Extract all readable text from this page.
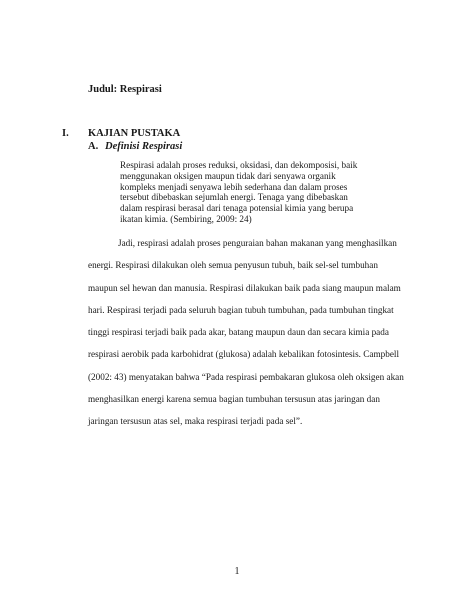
Judul: Respirasi
I. KAJIAN PUSTAKA
A. Definisi Respirasi
Respirasi adalah proses reduksi, oksidasi, dan dekomposisi, baik
menggunakan oksigen maupun tidak dari senyawa organik
kompleks menjadi senyawa lebih sederhana dan dalam proses
tersebut dibebaskan sejumlah energi. Tenaga yang dibebaskan
dalam respirasi berasal dari tenaga potensial kimia yang berupa
ikatan kimia. (Sembiring, 2009: 24)
Jadi, respirasi adalah proses penguraian bahan makanan yang menghasilkan
energi. Respirasi dilakukan oleh semua penyusun tubuh, baik sel-sel tumbuhan
maupun sel hewan dan manusia. Respirasi dilakukan baik pada siang maupun malam
hari. Respirasi terjadi pada seluruh bagian tubuh tumbuhan, pada tumbuhan tingkat
tinggi respirasi terjadi baik pada akar, batang maupun daun dan secara kimia pada
respirasi aerobik pada karbohidrat (glukosa) adalah kebalikan fotosintesis. Campbell
(2002: 43) menyatakan bahwa “Pada respirasi pembakaran glukosa oleh oksigen akan
menghasilkan energi karena semua bagian tumbuhan tersusun atas jaringan dan
jaringan tersusun atas sel, maka respirasi terjadi pada sel”.
1
